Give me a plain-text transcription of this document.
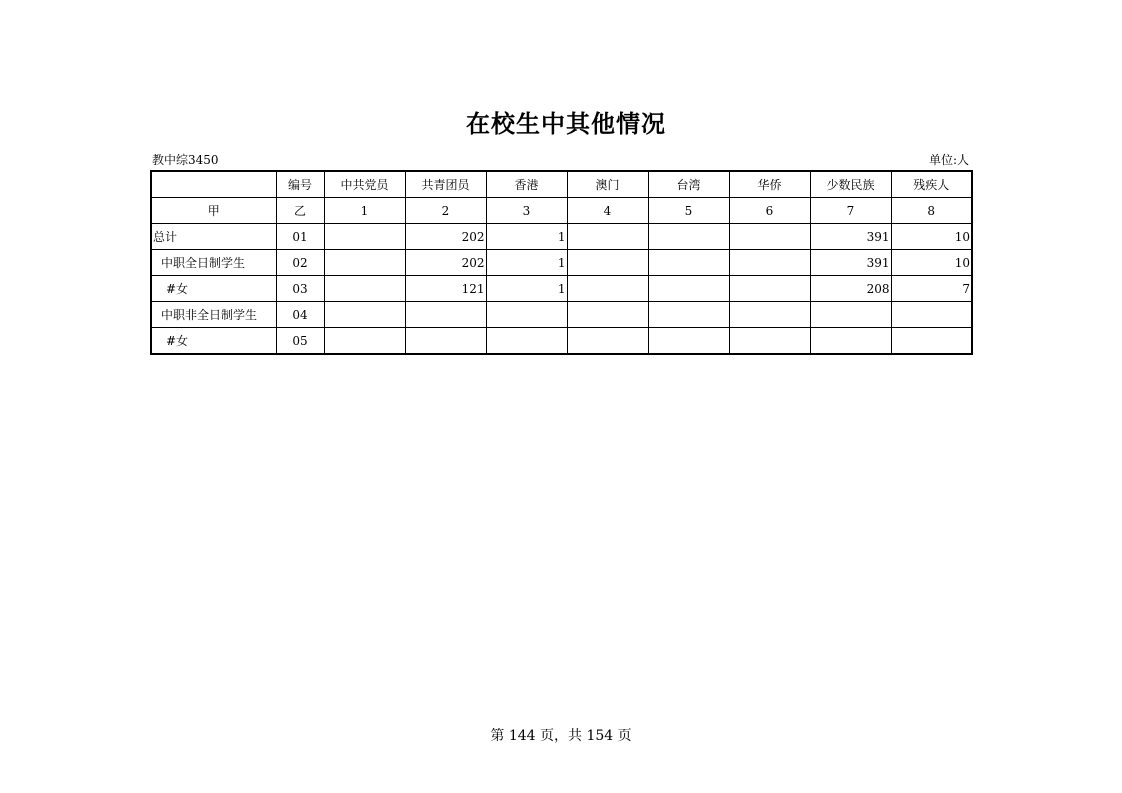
在校生中其他情况
教中综3450	单位:人
	编号	中共党员	共青团员	香港	澳门	台湾	华侨	少数民族	残疾人
甲	乙	1	2	3	4	5	6	7	8
总计	01		202	1				391	10
中职全日制学生	02		202	1				391	10
#女	03		121	1				208	7
中职非全日制学生	04								
#女	05								
第 144 页，共 154 页
